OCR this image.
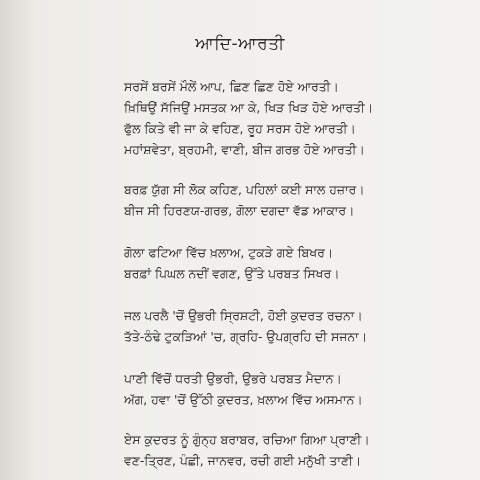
ਆਦਿ-ਆਰਤੀ
ਸਰਸੇਂ ਬਰਸੇਂ ਮੌਲੇਂ ਆਪ, ਛਿਣ ਛਿਣ ਹੋਏ ਆਰਤੀ।
ਖ਼ਿਥਿਉਂ ਸੱਜਿਉਂ ਮਸਤਕ ਆ ਕੇ, ਖਿੜ ਖਿੜ ਹੋਏ ਆਰਤੀ।
ਫੁੱਲ ਕਿਤੇ ਵੀ ਜਾ ਕੇ ਵਹਿਣ, ਰੂਹ ਸਰਸ ਹੋਏ ਆਰਤੀ।
ਮਹਾਂਸ਼ਵੇਤਾ, ਬ੍ਰਹਮੀ, ਵਾਣੀ, ਬੀਜ ਗਰਭ ਹੋਏ ਆਰਤੀ।
ਬਰਫ਼ ਯੁੱਗ ਸੀ ਲੋਕ ਕਹਿਣ, ਪਹਿਲਾਂ ਕਈ ਸਾਲ ਹਜ਼ਾਰ।
ਬੀਜ ਸੀ ਹਿਰਣਯ-ਗਰਭ, ਗੋਲਾ ਦਗਦਾ ਵੱਡ ਆਕਾਰ।
ਗੋਲਾ ਫਟਿਆ ਵਿੱਚ ਖ਼ਲਾਅ, ਟੁਕੜੇ ਗਏ ਬਿਖਰ।
ਬਰਫ਼ਾਂ ਪਿਘਲ ਨਦੀਂ ਵਗਣ, ਉੱਤੇ ਪਰਬਤ ਸਿਖਰ।
ਜਲ ਪਰਲੈ 'ਚੋਂ ਉਭਰੀ ਸ੍ਰਿਸ਼ਟੀ, ਹੋਈ ਕੁਦਰਤ ਰਚਨਾ।
ਤੱਤੇ-ਠੰਢੇ ਟੁਕੜਿਆਂ 'ਚ, ਗ੍ਰਹਿ- ਉਪਗ੍ਰਹਿ ਦੀ ਸਜਨਾ।
ਪਾਣੀ ਵਿੱਚੋਂ ਧਰਤੀ ਉਭਰੀ, ਉਭਰੇ ਪਰਬਤ ਮੈਦਾਨ।
ਅੱਗ, ਹਵਾ 'ਚੋਂ ਉੱਠੀ ਕੁਦਰਤ, ਖ਼ਲਾਅ ਵਿੱਚ ਅਸਮਾਨ।
ਏਸ ਕੁਦਰਤ ਨੂੰ ਗੁੰਨ੍ਹ ਬਰਾਬਰ, ਰਚਿਆ ਗਿਆ ਪ੍ਰਾਣੀ।
ਵਣ-ਤ੍ਰਿਣ, ਪੰਛੀ, ਜਾਨਵਰ, ਰਚੀ ਗਈ ਮਨੁੱਖੀ ਤਾਣੀ।
